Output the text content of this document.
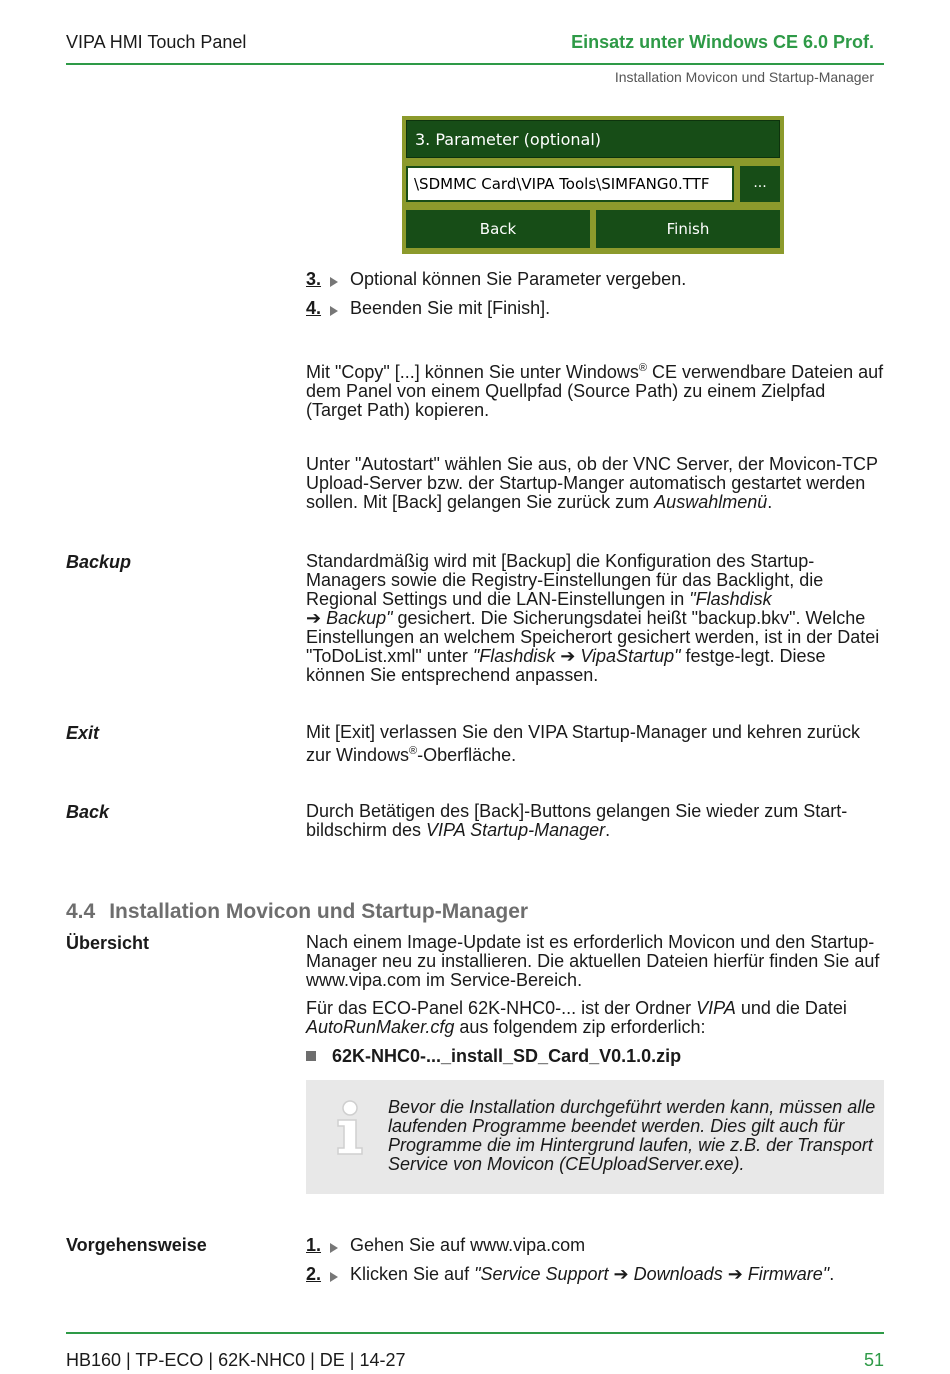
VIPA HMI Touch Panel	Einsatz unter Windows CE 6.0 Prof.
Installation Movicon und Startup-Manager
3. Parameter (optional)
\SDMMC Card\VIPA Tools\SIMFANG0.TTF	...
Back	Finish
3. Optional können Sie Parameter vergeben.
4. Beenden Sie mit [Finish].
Mit "Copy" [...] können Sie unter Windows® CE verwendbare Dateien auf dem Panel von einem Quellpfad (Source Path) zu einem Zielpfad (Target Path) kopieren.
Unter "Autostart" wählen Sie aus, ob der VNC Server, der Movicon-TCP Upload-Server bzw. der Startup-Manger automatisch gestartet werden sollen. Mit [Back] gelangen Sie zurück zum Auswahlmenü.
Backup	Standardmäßig wird mit [Backup] die Konfiguration des Startup-Managers sowie die Registry-Einstellungen für das Backlight, die Regional Settings und die LAN-Einstellungen in "Flashdisk
➔ Backup" gesichert. Die Sicherungsdatei heißt "backup.bkv". Welche Einstellungen an welchem Speicherort gesichert werden, ist in der Datei "ToDoList.xml" unter "Flashdisk ➔ VipaStartup" festge-legt. Diese können Sie entsprechend anpassen.
Exit	Mit [Exit] verlassen Sie den VIPA Startup-Manager und kehren zurück zur Windows®-Oberfläche.
Back	Durch Betätigen des [Back]-Buttons gelangen Sie wieder zum Start-bildschirm des VIPA Startup-Manager.
4.4 Installation Movicon und Startup-Manager
Übersicht	Nach einem Image-Update ist es erforderlich Movicon und den Startup-Manager neu zu installieren. Die aktuellen Dateien hierfür finden Sie auf www.vipa.com im Service-Bereich.
Für das ECO-Panel 62K-NHC0-... ist der Ordner VIPA und die Datei AutoRunMaker.cfg aus folgendem zip erforderlich:
62K-NHC0-..._install_SD_Card_V0.1.0.zip
Bevor die Installation durchgeführt werden kann, müssen alle laufenden Programme beendet werden. Dies gilt auch für Programme die im Hintergrund laufen, wie z.B. der Transport Service von Movicon (CEUploadServer.exe).
Vorgehensweise	1. Gehen Sie auf www.vipa.com
2. Klicken Sie auf "Service Support ➔ Downloads ➔ Firmware".
HB160 | TP-ECO | 62K-NHC0 | DE | 14-27	51
